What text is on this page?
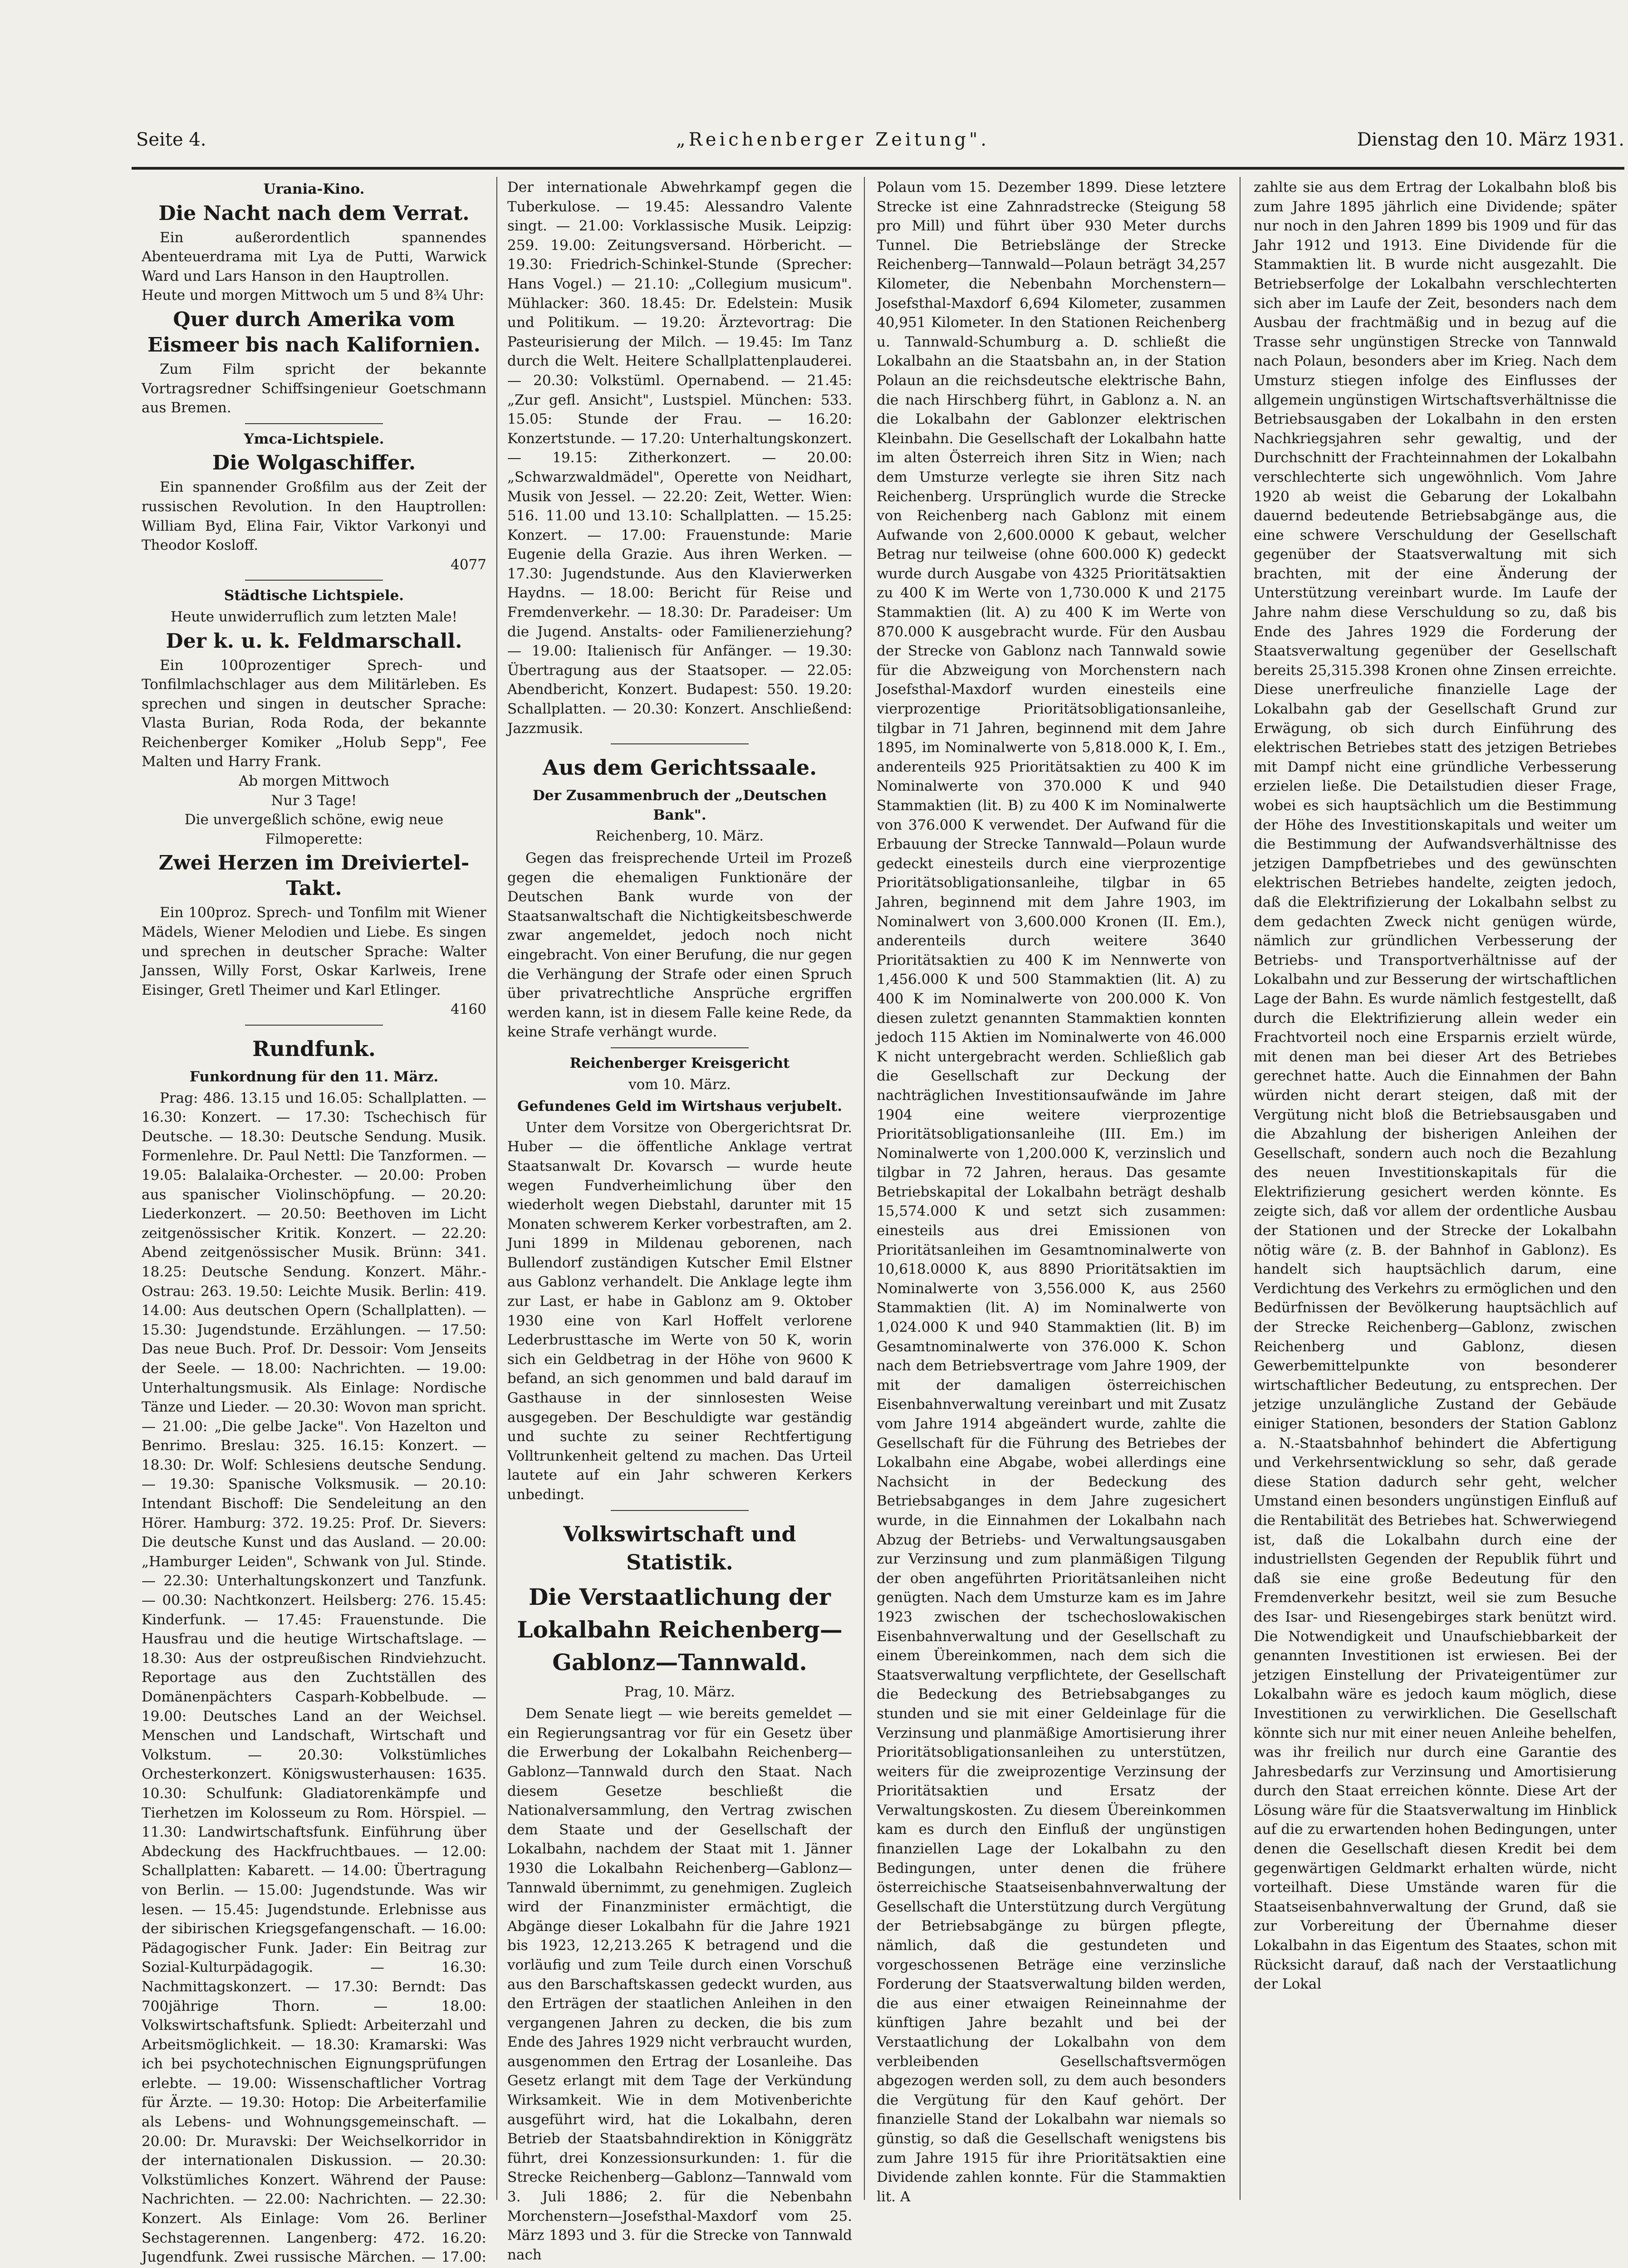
Seite 4.	„Reichenberger Zeitung".	Dienstag den 10. März 1931.

Urania-Kino.

Die Nacht nach dem Verrat.

Ein außerordentlich spannendes Abenteuerdrama mit Lya de Putti, Warwick Ward und Lars Hanson in den Hauptrollen.

Heute und morgen Mittwoch um 5 und 8¾ Uhr:

Quer durch Amerika vom Eismeer bis nach Kalifornien.

Zum Film spricht der bekannte Vortragsredner Schiffsingenieur Goetschmann aus Bremen.

Ymca-Lichtspiele.

Die Wolgaschiffer.

Ein spannender Großfilm aus der Zeit der russischen Revolution. In den Hauptrollen: William Byd, Elina Fair, Viktor Varkonyi und Theodor Kosloff.

4077

Städtische Lichtspiele.

Heute unwiderruflich zum letzten Male!

Der k. u. k. Feldmarschall.

Ein 100prozentiger Sprech- und Tonfilmlachschlager aus dem Militärleben. Es sprechen und singen in deutscher Sprache: Vlasta Burian, Roda Roda, der bekannte Reichenberger Komiker „Holub Sepp", Fee Malten und Harry Frank.

Ab morgen Mittwoch

Nur 3 Tage!

Die unvergeßlich schöne, ewig neue Filmoperette:

Zwei Herzen im Dreiviertel-Takt.

Ein 100proz. Sprech- und Tonfilm mit Wiener Mädels, Wiener Melodien und Liebe. Es singen und sprechen in deutscher Sprache: Walter Janssen, Willy Forst, Oskar Karlweis, Irene Eisinger, Gretl Theimer und Karl Etlinger.

4160

Rundfunk.

Funkordnung für den 11. März.

Prag: 486. 13.15 und 16.05: Schallplatten. — 16.30: Konzert. — 17.30: Tschechisch für Deutsche. — 18.30: Deutsche Sendung. Musik. Formenlehre. Dr. Paul Nettl: Die Tanzformen. — 19.05: Balalaika-Orchester. — 20.00: Proben aus spanischer Violinschöpfung. — 20.20: Liederkonzert. — 20.50: Beethoven im Licht zeitgenössischer Kritik. Konzert. — 22.20: Abend zeitgenössischer Musik. Brünn: 341. 18.25: Deutsche Sendung. Konzert. Mähr.-Ostrau: 263. 19.50: Leichte Musik. Berlin: 419. 14.00: Aus deutschen Opern (Schallplatten). — 15.30: Jugendstunde. Erzählungen. — 17.50: Das neue Buch. Prof. Dr. Dessoir: Vom Jenseits der Seele. — 18.00: Nachrichten. — 19.00: Unterhaltungsmusik. Als Einlage: Nordische Tänze und Lieder. — 20.30: Wovon man spricht. — 21.00: „Die gelbe Jacke". Von Hazelton und Benrimo. Breslau: 325. 16.15: Konzert. — 18.30: Dr. Wolf: Schlesiens deutsche Sendung. — 19.30: Spanische Volksmusik. — 20.10: Intendant Bischoff: Die Sendeleitung an den Hörer. Hamburg: 372. 19.25: Prof. Dr. Sievers: Die deutsche Kunst und das Ausland. — 20.00: „Hamburger Leiden", Schwank von Jul. Stinde. — 22.30: Unterhaltungskonzert und Tanzfunk. — 00.30: Nachtkonzert. Heilsberg: 276. 15.45: Kinderfunk. — 17.45: Frauenstunde. Die Hausfrau und die heutige Wirtschaftslage. — 18.30: Aus der ostpreußischen Rindviehzucht. Reportage aus den Zuchtställen des Domänenpächters Casparh-Kobbelbude. — 19.00: Deutsches Land an der Weichsel. Menschen und Landschaft, Wirtschaft und Volkstum. — 20.30: Volkstümliches Orchesterkonzert. Königswusterhausen: 1635. 10.30: Schulfunk: Gladiatorenkämpfe und Tierhetzen im Kolosseum zu Rom. Hörspiel. — 11.30: Landwirtschaftsfunk. Einführung über Abdeckung des Hackfruchtbaues. — 12.00: Schallplatten: Kabarett. — 14.00: Übertragung von Berlin. — 15.00: Jugendstunde. Was wir lesen. — 15.45: Jugendstunde. Erlebnisse aus der sibirischen Kriegsgefangenschaft. — 16.00: Pädagogischer Funk. Jader: Ein Beitrag zur Sozial-Kulturpädagogik. — 16.30: Nachmittagskonzert. — 17.30: Berndt: Das 700jährige Thorn. — 18.00: Volkswirtschaftsfunk. Spliedt: Arbeiterzahl und Arbeitsmöglichkeit. — 18.30: Kramarski: Was ich bei psychotechnischen Eignungsprüfungen erlebte. — 19.00: Wissenschaftlicher Vortrag für Ärzte. — 19.30: Hotop: Die Arbeiterfamilie als Lebens- und Wohnungsgemeinschaft. — 20.00: Dr. Muravski: Der Weichselkorridor in der internationalen Diskussion. — 20.30: Volkstümliches Konzert. Während der Pause: Nachrichten. — 22.00: Nachrichten. — 22.30: Konzert. Als Einlage: Vom 26. Berliner Sechstagerennen. Langenberg: 472. 16.20: Jugendfunk. Zwei russische Märchen. — 17.00:

Der internationale Abwehrkampf gegen die Tuberkulose. — 19.45: Alessandro Valente singt. — 21.00: Vorklassische Musik. Leipzig: 259. 19.00: Zeitungsversand. Hörbericht. — 19.30: Friedrich-Schinkel-Stunde (Sprecher: Hans Vogel.) — 21.10: „Collegium musicum". Mühlacker: 360. 18.45: Dr. Edelstein: Musik und Politikum. — 19.20: Ärztevortrag: Die Pasteurisierung der Milch. — 19.45: Im Tanz durch die Welt. Heitere Schallplattenplauderei. — 20.30: Volkstüml. Opernabend. — 21.45: „Zur gefl. Ansicht", Lustspiel. München: 533. 15.05: Stunde der Frau. — 16.20: Konzertstunde. — 17.20: Unterhaltungskonzert. — 19.15: Zitherkonzert. — 20.00: „Schwarzwaldmädel", Operette von Neidhart, Musik von Jessel. — 22.20: Zeit, Wetter. Wien: 516. 11.00 und 13.10: Schallplatten. — 15.25: Konzert. — 17.00: Frauenstunde: Marie Eugenie della Grazie. Aus ihren Werken. — 17.30: Jugendstunde. Aus den Klavierwerken Haydns. — 18.00: Bericht für Reise und Fremdenverkehr. — 18.30: Dr. Paradeiser: Um die Jugend. Anstalts- oder Familienerziehung? — 19.00: Italienisch für Anfänger. — 19.30: Übertragung aus der Staatsoper. — 22.05: Abendbericht, Konzert. Budapest: 550. 19.20: Schallplatten. — 20.30: Konzert. Anschließend: Jazzmusik.

Aus dem Gerichtssaale.

Der Zusammenbruch der „Deutschen Bank".

Reichenberg, 10. März.

Gegen das freisprechende Urteil im Prozeß gegen die ehemaligen Funktionäre der Deutschen Bank wurde von der Staatsanwaltschaft die Nichtigkeitsbeschwerde zwar angemeldet, jedoch noch nicht eingebracht. Von einer Berufung, die nur gegen die Verhängung der Strafe oder einen Spruch über privatrechtliche Ansprüche ergriffen werden kann, ist in diesem Falle keine Rede, da keine Strafe verhängt wurde.

Reichenberger Kreisgericht

vom 10. März.

Gefundenes Geld im Wirtshaus verjubelt.

Unter dem Vorsitze von Obergerichtsrat Dr. Huber — die öffentliche Anklage vertrat Staatsanwalt Dr. Kovarsch — wurde heute wegen Fundverheimlichung über den wiederholt wegen Diebstahl, darunter mit 15 Monaten schwerem Kerker vorbestraften, am 2. Juni 1899 in Mildenau geborenen, nach Bullendorf zuständigen Kutscher Emil Elstner aus Gablonz verhandelt. Die Anklage legte ihm zur Last, er habe in Gablonz am 9. Oktober 1930 eine von Karl Hoffelt verlorene Lederbrusttasche im Werte von 50 K, worin sich ein Geldbetrag in der Höhe von 9600 K befand, an sich genommen und bald darauf im Gasthause in der sinnlosesten Weise ausgegeben. Der Beschuldigte war geständig und suchte zu seiner Rechtfertigung Volltrunkenheit geltend zu machen. Das Urteil lautete auf ein Jahr schweren Kerkers unbedingt.

Volkswirtschaft und Statistik.

Die Verstaatlichung der Lokalbahn Reichenberg—Gablonz—Tannwald.

Prag, 10. März.

Dem Senate liegt — wie bereits gemeldet — ein Regierungsantrag vor für ein Gesetz über die Erwerbung der Lokalbahn Reichenberg—Gablonz—Tannwald durch den Staat. Nach diesem Gesetze beschließt die Nationalversammlung, den Vertrag zwischen dem Staate und der Gesellschaft der Lokalbahn, nachdem der Staat mit 1. Jänner 1930 die Lokalbahn Reichenberg—Gablonz—Tannwald übernimmt, zu genehmigen. Zugleich wird der Finanzminister ermächtigt, die Abgänge dieser Lokalbahn für die Jahre 1921 bis 1923, 12,213.265 K betragend und die vorläufig und zum Teile durch einen Vorschuß aus den Barschaftskassen gedeckt wurden, aus den Erträgen der staatlichen Anleihen in den vergangenen Jahren zu decken, die bis zum Ende des Jahres 1929 nicht verbraucht wurden, ausgenommen den Ertrag der Losanleihe. Das Gesetz erlangt mit dem Tage der Verkündung Wirksamkeit. Wie in dem Motivenberichte ausgeführt wird, hat die Lokalbahn, deren Betrieb der Staatsbahndirektion in Königgrätz führt, drei Konzessionsurkunden: 1. für die Strecke Reichenberg—Gablonz—Tannwald vom 3. Juli 1886; 2. für die Nebenbahn Morchenstern—Josefsthal-Maxdorf vom 25. März 1893 und 3. für die Strecke von Tannwald nach

Polaun vom 15. Dezember 1899. Diese letztere Strecke ist eine Zahnradstrecke (Steigung 58 pro Mill) und führt über 930 Meter durchs Tunnel. Die Betriebslänge der Strecke Reichenberg—Tannwald—Polaun beträgt 34,257 Kilometer, die Nebenbahn Morchenstern—Josefsthal-Maxdorf 6,694 Kilometer, zusammen 40,951 Kilometer. In den Stationen Reichenberg u. Tannwald-Schumburg a. D. schließt die Lokalbahn an die Staatsbahn an, in der Station Polaun an die reichsdeutsche elektrische Bahn, die nach Hirschberg führt, in Gablonz a. N. an die Lokalbahn der Gablonzer elektrischen Kleinbahn. Die Gesellschaft der Lokalbahn hatte im alten Österreich ihren Sitz in Wien; nach dem Umsturze verlegte sie ihren Sitz nach Reichenberg. Ursprünglich wurde die Strecke von Reichenberg nach Gablonz mit einem Aufwande von 2,600.0000 K gebaut, welcher Betrag nur teilweise (ohne 600.000 K) gedeckt wurde durch Ausgabe von 4325 Prioritätsaktien zu 400 K im Werte von 1,730.000 K und 2175 Stammaktien (lit. A) zu 400 K im Werte von 870.000 K ausgebracht wurde. Für den Ausbau der Strecke von Gablonz nach Tannwald sowie für die Abzweigung von Morchenstern nach Josefsthal-Maxdorf wurden einesteils eine vierprozentige Prioritätsobligationsanleihe, tilgbar in 71 Jahren, beginnend mit dem Jahre 1895, im Nominalwerte von 5,818.000 K, I. Em., anderenteils 925 Prioritätsaktien zu 400 K im Nominalwerte von 370.000 K und 940 Stammaktien (lit. B) zu 400 K im Nominalwerte von 376.000 K verwendet. Der Aufwand für die Erbauung der Strecke Tannwald—Polaun wurde gedeckt einesteils durch eine vierprozentige Prioritätsobligationsanleihe, tilgbar in 65 Jahren, beginnend mit dem Jahre 1903, im Nominalwert von 3,600.000 Kronen (II. Em.), anderenteils durch weitere 3640 Prioritätsaktien zu 400 K im Nennwerte von 1,456.000 K und 500 Stammaktien (lit. A) zu 400 K im Nominalwerte von 200.000 K. Von diesen zuletzt genannten Stammaktien konnten jedoch 115 Aktien im Nominalwerte von 46.000 K nicht untergebracht werden. Schließlich gab die Gesellschaft zur Deckung der nachträglichen Investitionsaufwände im Jahre 1904 eine weitere vierprozentige Prioritätsobligationsanleihe (III. Em.) im Nominalwerte von 1,200.000 K, verzinslich und tilgbar in 72 Jahren, heraus. Das gesamte Betriebskapital der Lokalbahn beträgt deshalb 15,574.000 K und setzt sich zusammen: einesteils aus drei Emissionen von Prioritätsanleihen im Gesamtnominalwerte von 10,618.0000 K, aus 8890 Prioritätsaktien im Nominalwerte von 3,556.000 K, aus 2560 Stammaktien (lit. A) im Nominalwerte von 1,024.000 K und 940 Stammaktien (lit. B) im Gesamtnominalwerte von 376.000 K. Schon nach dem Betriebsvertrage vom Jahre 1909, der mit der damaligen österreichischen Eisenbahnverwaltung vereinbart und mit Zusatz vom Jahre 1914 abgeändert wurde, zahlte die Gesellschaft für die Führung des Betriebes der Lokalbahn eine Abgabe, wobei allerdings eine Nachsicht in der Bedeckung des Betriebsabganges in dem Jahre zugesichert wurde, in die Einnahmen der Lokalbahn nach Abzug der Betriebs- und Verwaltungsausgaben zur Verzinsung und zum planmäßigen Tilgung der oben angeführten Prioritätsanleihen nicht genügten. Nach dem Umsturze kam es im Jahre 1923 zwischen der tschechoslowakischen Eisenbahnverwaltung und der Gesellschaft zu einem Übereinkommen, nach dem sich die Staatsverwaltung verpflichtete, der Gesellschaft die Bedeckung des Betriebsabganges zu stunden und sie mit einer Geldeinlage für die Verzinsung und planmäßige Amortisierung ihrer Prioritätsobligationsanleihen zu unterstützen, weiters für die zweiprozentige Verzinsung der Prioritätsaktien und Ersatz der Verwaltungskosten. Zu diesem Übereinkommen kam es durch den Einfluß der ungünstigen finanziellen Lage der Lokalbahn zu den Bedingungen, unter denen die frühere österreichische Staatseisenbahnverwaltung der Gesellschaft die Unterstützung durch Vergütung der Betriebsabgänge zu bürgen pflegte, nämlich, daß die gestundeten und vorgeschossenen Beträge eine verzinsliche Forderung der Staatsverwaltung bilden werden, die aus einer etwaigen Reineinnahme der künftigen Jahre bezahlt und bei der Verstaatlichung der Lokalbahn von dem verbleibenden Gesellschaftsvermögen abgezogen werden soll, zu dem auch besonders die Vergütung für den Kauf gehört. Der finanzielle Stand der Lokalbahn war niemals so günstig, so daß die Gesellschaft wenigstens bis zum Jahre 1915 für ihre Prioritätsaktien eine Dividende zahlen konnte. Für die Stammaktien lit. A

zahlte sie aus dem Ertrag der Lokalbahn bloß bis zum Jahre 1895 jährlich eine Dividende; später nur noch in den Jahren 1899 bis 1909 und für das Jahr 1912 und 1913. Eine Dividende für die Stammaktien lit. B wurde nicht ausgezahlt. Die Betriebserfolge der Lokalbahn verschlechterten sich aber im Laufe der Zeit, besonders nach dem Ausbau der frachtmäßig und in bezug auf die Trasse sehr ungünstigen Strecke von Tannwald nach Polaun, besonders aber im Krieg. Nach dem Umsturz stiegen infolge des Einflusses der allgemein ungünstigen Wirtschaftsverhältnisse die Betriebsausgaben der Lokalbahn in den ersten Nachkriegsjahren sehr gewaltig, und der Durchschnitt der Frachteinnahmen der Lokalbahn verschlechterte sich ungewöhnlich. Vom Jahre 1920 ab weist die Gebarung der Lokalbahn dauernd bedeutende Betriebsabgänge aus, die eine schwere Verschuldung der Gesellschaft gegenüber der Staatsverwaltung mit sich brachten, mit der eine Änderung der Unterstützung vereinbart wurde. Im Laufe der Jahre nahm diese Verschuldung so zu, daß bis Ende des Jahres 1929 die Forderung der Staatsverwaltung gegenüber der Gesellschaft bereits 25,315.398 Kronen ohne Zinsen erreichte. Diese unerfreuliche finanzielle Lage der Lokalbahn gab der Gesellschaft Grund zur Erwägung, ob sich durch Einführung des elektrischen Betriebes statt des jetzigen Betriebes mit Dampf nicht eine gründliche Verbesserung erzielen ließe. Die Detailstudien dieser Frage, wobei es sich hauptsächlich um die Bestimmung der Höhe des Investitionskapitals und weiter um die Bestimmung der Aufwandsverhältnisse des jetzigen Dampfbetriebes und des gewünschten elektrischen Betriebes handelte, zeigten jedoch, daß die Elektrifizierung der Lokalbahn selbst zu dem gedachten Zweck nicht genügen würde, nämlich zur gründlichen Verbesserung der Betriebs- und Transportverhältnisse auf der Lokalbahn und zur Besserung der wirtschaftlichen Lage der Bahn. Es wurde nämlich festgestellt, daß durch die Elektrifizierung allein weder ein Frachtvorteil noch eine Ersparnis erzielt würde, mit denen man bei dieser Art des Betriebes gerechnet hatte. Auch die Einnahmen der Bahn würden nicht derart steigen, daß mit der Vergütung nicht bloß die Betriebsausgaben und die Abzahlung der bisherigen Anleihen der Gesellschaft, sondern auch noch die Bezahlung des neuen Investitionskapitals für die Elektrifizierung gesichert werden könnte. Es zeigte sich, daß vor allem der ordentliche Ausbau der Stationen und der Strecke der Lokalbahn nötig wäre (z. B. der Bahnhof in Gablonz). Es handelt sich hauptsächlich darum, eine Verdichtung des Verkehrs zu ermöglichen und den Bedürfnissen der Bevölkerung hauptsächlich auf der Strecke Reichenberg—Gablonz, zwischen Reichenberg und Gablonz, diesen Gewerbemittelpunkte von besonderer wirtschaftlicher Bedeutung, zu entsprechen. Der jetzige unzulängliche Zustand der Gebäude einiger Stationen, besonders der Station Gablonz a. N.-Staatsbahnhof behindert die Abfertigung und Verkehrsentwicklung so sehr, daß gerade diese Station dadurch sehr geht, welcher Umstand einen besonders ungünstigen Einfluß auf die Rentabilität des Betriebes hat. Schwerwiegend ist, daß die Lokalbahn durch eine der industriellsten Gegenden der Republik führt und daß sie eine große Bedeutung für den Fremdenverkehr besitzt, weil sie zum Besuche des Isar- und Riesengebirges stark benützt wird. Die Notwendigkeit und Unaufschiebbarkeit der genannten Investitionen ist erwiesen. Bei der jetzigen Einstellung der Privateigentümer zur Lokalbahn wäre es jedoch kaum möglich, diese Investitionen zu verwirklichen. Die Gesellschaft könnte sich nur mit einer neuen Anleihe behelfen, was ihr freilich nur durch eine Garantie des Jahresbedarfs zur Verzinsung und Amortisierung durch den Staat erreichen könnte. Diese Art der Lösung wäre für die Staatsverwaltung im Hinblick auf die zu erwartenden hohen Bedingungen, unter denen die Gesellschaft diesen Kredit bei dem gegenwärtigen Geldmarkt erhalten würde, nicht vorteilhaft. Diese Umstände waren für die Staatseisenbahnverwaltung der Grund, daß sie zur Vorbereitung der Übernahme dieser Lokalbahn in das Eigentum des Staates, schon mit Rücksicht darauf, daß nach der Verstaatlichung der Lokal
